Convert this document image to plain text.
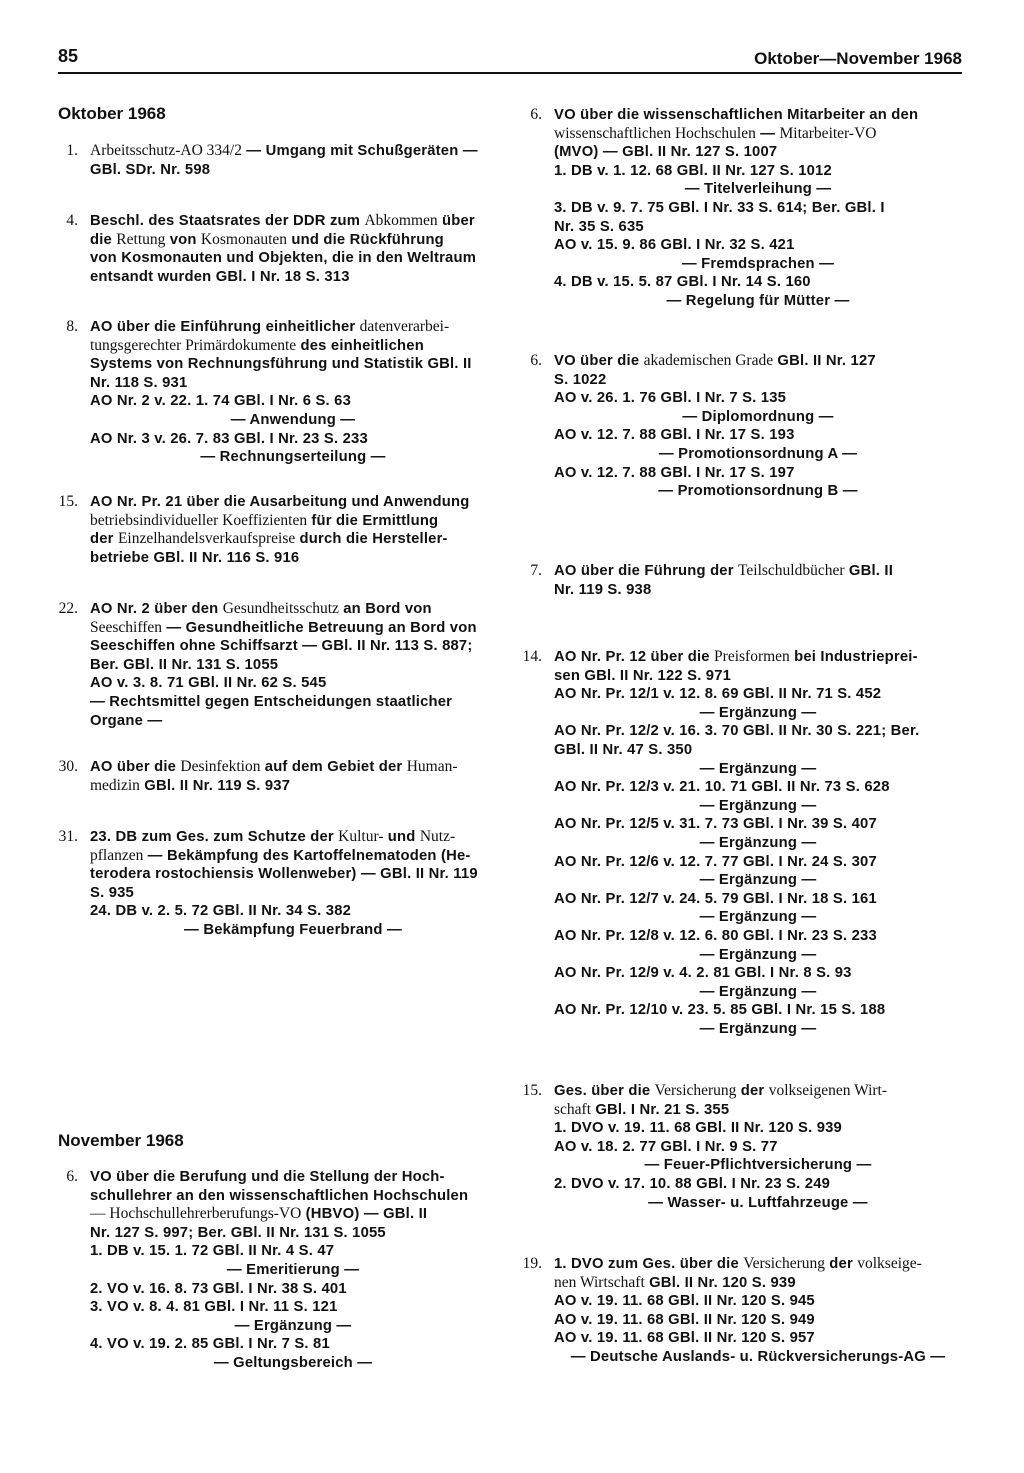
85	Oktober—November 1968
Oktober 1968
November 1968
1. Arbeitsschutz-AO 334/2 — Umgang mit Schußgeräten —
GBl. SDr. Nr. 598
4. Beschl. des Staatsrates der DDR zum Abkommen über
die Rettung von Kosmonauten und die Rückführung
von Kosmonauten und Objekten, die in den Weltraum
entsandt wurden GBl. I Nr. 18 S. 313
8. AO über die Einführung einheitlicher datenverarbei-
tungsgerechter Primärdokumente des einheitlichen
Systems von Rechnungsführung und Statistik GBl. II
Nr. 118 S. 931
AO Nr. 2 v. 22. 1. 74 GBl. I Nr. 6 S. 63
— Anwendung —
AO Nr. 3 v. 26. 7. 83 GBl. I Nr. 23 S. 233
— Rechnungserteilung —
15. AO Nr. Pr. 21 über die Ausarbeitung und Anwendung
betriebsindividueller Koeffizienten für die Ermittlung
der Einzelhandelsverkaufspreise durch die Hersteller-
betriebe GBl. II Nr. 116 S. 916
22. AO Nr. 2 über den Gesundheitsschutz an Bord von
Seeschiffen — Gesundheitliche Betreuung an Bord von
Seeschiffen ohne Schiffsarzt — GBl. II Nr. 113 S. 887;
Ber. GBl. II Nr. 131 S. 1055
AO v. 3. 8. 71 GBl. II Nr. 62 S. 545
— Rechtsmittel gegen Entscheidungen staatlicher
Organe —
30. AO über die Desinfektion auf dem Gebiet der Human-
medizin GBl. II Nr. 119 S. 937
31. 23. DB zum Ges. zum Schutze der Kultur- und Nutz-
pflanzen — Bekämpfung des Kartoffelnematoden (He-
terodera rostochiensis Wollenweber) — GBl. II Nr. 119
S. 935
24. DB v. 2. 5. 72 GBl. II Nr. 34 S. 382
— Bekämpfung Feuerbrand —
6. VO über die Berufung und die Stellung der Hoch-
schullehrer an den wissenschaftlichen Hochschulen
— Hochschullehrerberufungs-VO (HBVO) — GBl. II
Nr. 127 S. 997; Ber. GBl. II Nr. 131 S. 1055
1. DB v. 15. 1. 72 GBl. II Nr. 4 S. 47
— Emeritierung —
2. VO v. 16. 8. 73 GBl. I Nr. 38 S. 401
3. VO v. 8. 4. 81 GBl. I Nr. 11 S. 121
— Ergänzung —
4. VO v. 19. 2. 85 GBl. I Nr. 7 S. 81
— Geltungsbereich —
6. VO über die wissenschaftlichen Mitarbeiter an den
wissenschaftlichen Hochschulen — Mitarbeiter-VO
(MVO) — GBl. II Nr. 127 S. 1007
1. DB v. 1. 12. 68 GBl. II Nr. 127 S. 1012
— Titelverleihung —
3. DB v. 9. 7. 75 GBl. I Nr. 33 S. 614; Ber. GBl. I
Nr. 35 S. 635
AO v. 15. 9. 86 GBl. I Nr. 32 S. 421
— Fremdsprachen —
4. DB v. 15. 5. 87 GBl. I Nr. 14 S. 160
— Regelung für Mütter —
6. VO über die akademischen Grade GBl. II Nr. 127
S. 1022
AO v. 26. 1. 76 GBl. I Nr. 7 S. 135
— Diplomordnung —
AO v. 12. 7. 88 GBl. I Nr. 17 S. 193
— Promotionsordnung A —
AO v. 12. 7. 88 GBl. I Nr. 17 S. 197
— Promotionsordnung B —
7. AO über die Führung der Teilschuldbücher GBl. II
Nr. 119 S. 938
14. AO Nr. Pr. 12 über die Preisformen bei Industrieprei-
sen GBl. II Nr. 122 S. 971
AO Nr. Pr. 12/1 v. 12. 8. 69 GBl. II Nr. 71 S. 452
— Ergänzung —
AO Nr. Pr. 12/2 v. 16. 3. 70 GBl. II Nr. 30 S. 221; Ber.
GBl. II Nr. 47 S. 350
— Ergänzung —
AO Nr. Pr. 12/3 v. 21. 10. 71 GBl. II Nr. 73 S. 628
— Ergänzung —
AO Nr. Pr. 12/5 v. 31. 7. 73 GBl. I Nr. 39 S. 407
— Ergänzung —
AO Nr. Pr. 12/6 v. 12. 7. 77 GBl. I Nr. 24 S. 307
— Ergänzung —
AO Nr. Pr. 12/7 v. 24. 5. 79 GBl. I Nr. 18 S. 161
— Ergänzung —
AO Nr. Pr. 12/8 v. 12. 6. 80 GBl. I Nr. 23 S. 233
— Ergänzung —
AO Nr. Pr. 12/9 v. 4. 2. 81 GBl. I Nr. 8 S. 93
— Ergänzung —
AO Nr. Pr. 12/10 v. 23. 5. 85 GBl. I Nr. 15 S. 188
— Ergänzung —
15. Ges. über die Versicherung der volkseigenen Wirt-
schaft GBl. I Nr. 21 S. 355
1. DVO v. 19. 11. 68 GBl. II Nr. 120 S. 939
AO v. 18. 2. 77 GBl. I Nr. 9 S. 77
— Feuer-Pflichtversicherung —
2. DVO v. 17. 10. 88 GBl. I Nr. 23 S. 249
— Wasser- u. Luftfahrzeuge —
19. 1. DVO zum Ges. über die Versicherung der volkseige-
nen Wirtschaft GBl. II Nr. 120 S. 939
AO v. 19. 11. 68 GBl. II Nr. 120 S. 945
AO v. 19. 11. 68 GBl. II Nr. 120 S. 949
AO v. 19. 11. 68 GBl. II Nr. 120 S. 957
— Deutsche Auslands- u. Rückversicherungs-AG —
